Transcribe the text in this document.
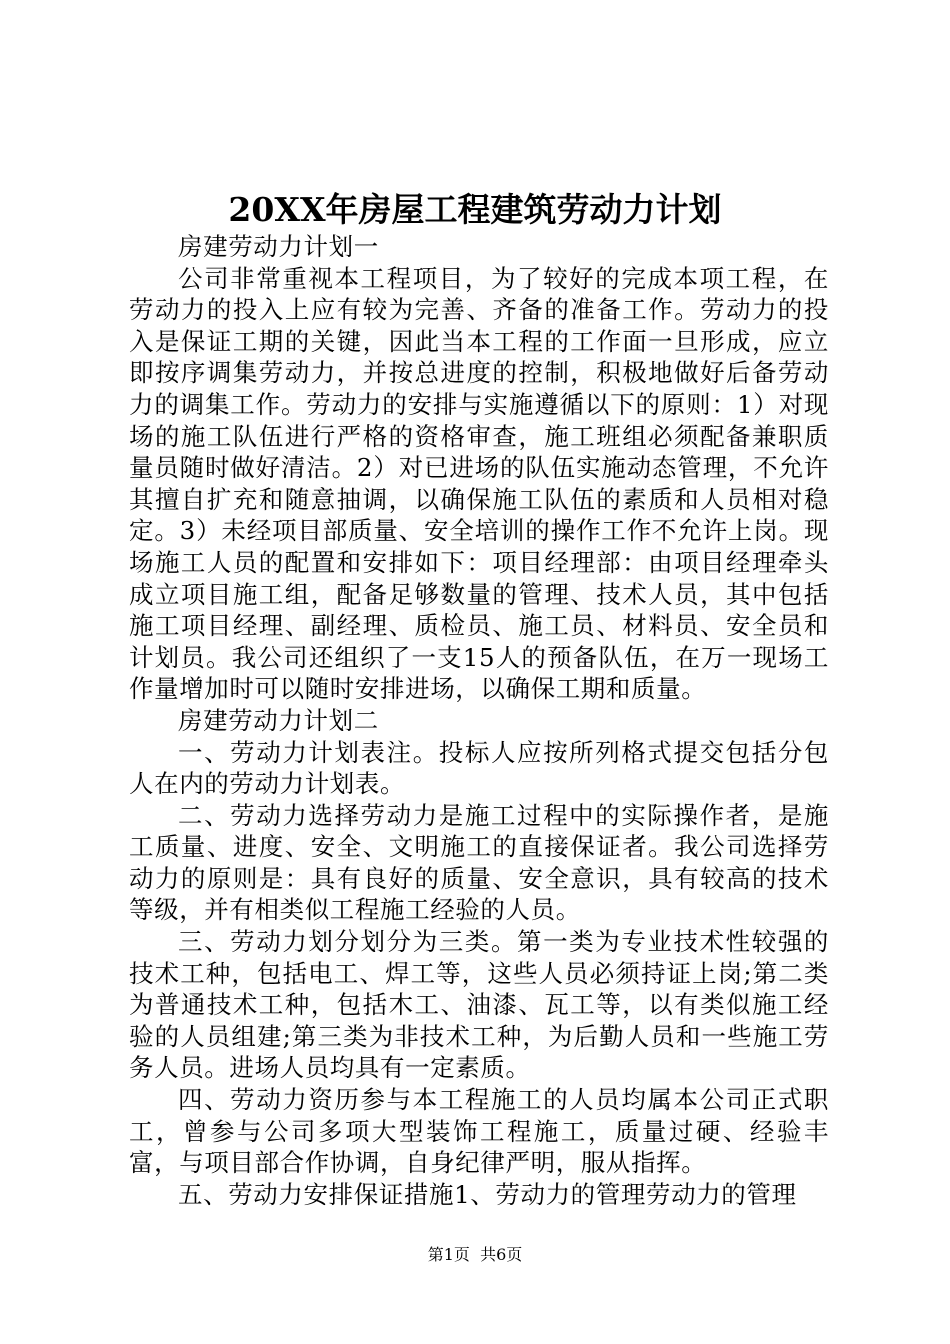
20XX年房屋工程建筑劳动力计划

房建劳动力计划一

公司非常重视本工程项目，为了较好的完成本项工程，在劳动力的投入上应有较为完善、齐备的准备工作。劳动力的投入是保证工期的关键，因此当本工程的工作面一旦形成，应立即按序调集劳动力，并按总进度的控制，积极地做好后备劳动力的调集工作。劳动力的安排与实施遵循以下的原则：1）对现场的施工队伍进行严格的资格审查，施工班组必须配备兼职质量员随时做好清洁。2）对已进场的队伍实施动态管理，不允许其擅自扩充和随意抽调，以确保施工队伍的素质和人员相对稳定。3）未经项目部质量、安全培训的操作工作不允许上岗。现场施工人员的配置和安排如下：项目经理部：由项目经理牵头成立项目施工组，配备足够数量的管理、技术人员，其中包括施工项目经理、副经理、质检员、施工员、材料员、安全员和计划员。我公司还组织了一支15人的预备队伍，在万一现场工作量增加时可以随时安排进场，以确保工期和质量。

房建劳动力计划二

一、劳动力计划表注。投标人应按所列格式提交包括分包人在内的劳动力计划表。

二、劳动力选择劳动力是施工过程中的实际操作者，是施工质量、进度、安全、文明施工的直接保证者。我公司选择劳动力的原则是：具有良好的质量、安全意识，具有较高的技术等级，并有相类似工程施工经验的人员。

三、劳动力划分划分为三类。第一类为专业技术性较强的技术工种，包括电工、焊工等，这些人员必须持证上岗;第二类为普通技术工种，包括木工、油漆、瓦工等，以有类似施工经验的人员组建;第三类为非技术工种，为后勤人员和一些施工劳务人员。进场人员均具有一定素质。

四、劳动力资历参与本工程施工的人员均属本公司正式职工，曾参与公司多项大型装饰工程施工，质量过硬、经验丰富，与项目部合作协调，自身纪律严明，服从指挥。

五、劳动力安排保证措施1、劳动力的管理劳动力的管理

第1页  共6页
